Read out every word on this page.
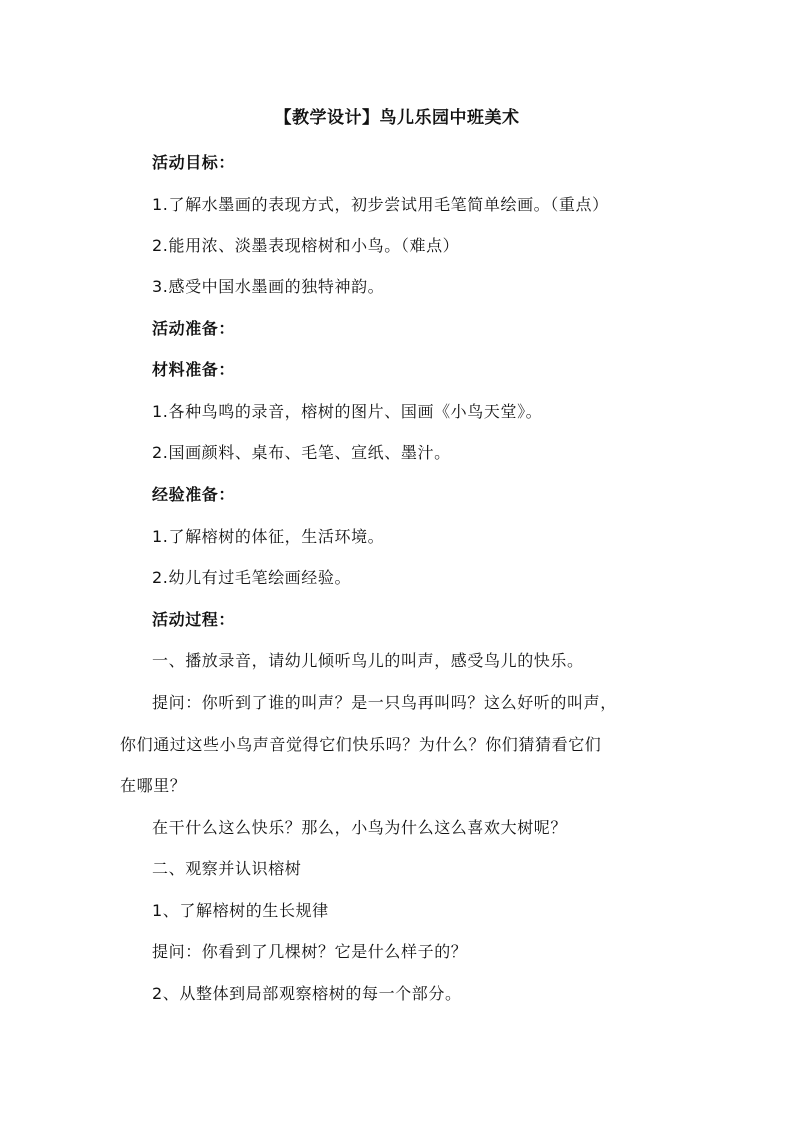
【教学设计】鸟儿乐园中班美术
活动目标：
1.了解水墨画的表现方式，初步尝试用毛笔简单绘画。（重点）
2.能用浓、淡墨表现榕树和小鸟。（难点）
3.感受中国水墨画的独特神韵。
活动准备：
材料准备：
1.各种鸟鸣的录音，榕树的图片、国画《小鸟天堂》。
2.国画颜料、桌布、毛笔、宣纸、墨汁。
经验准备：
1.了解榕树的体征，生活环境。
2.幼儿有过毛笔绘画经验。
活动过程：
一、播放录音，请幼儿倾听鸟儿的叫声，感受鸟儿的快乐。
提问：你听到了谁的叫声？是一只鸟再叫吗？这么好听的叫声，
你们通过这些小鸟声音觉得它们快乐吗？为什么？你们猜猜看它们
在哪里？
在干什么这么快乐？那么，小鸟为什么这么喜欢大树呢？
二、观察并认识榕树
1、了解榕树的生长规律
提问：你看到了几棵树？它是什么样子的？
2、从整体到局部观察榕树的每一个部分。
